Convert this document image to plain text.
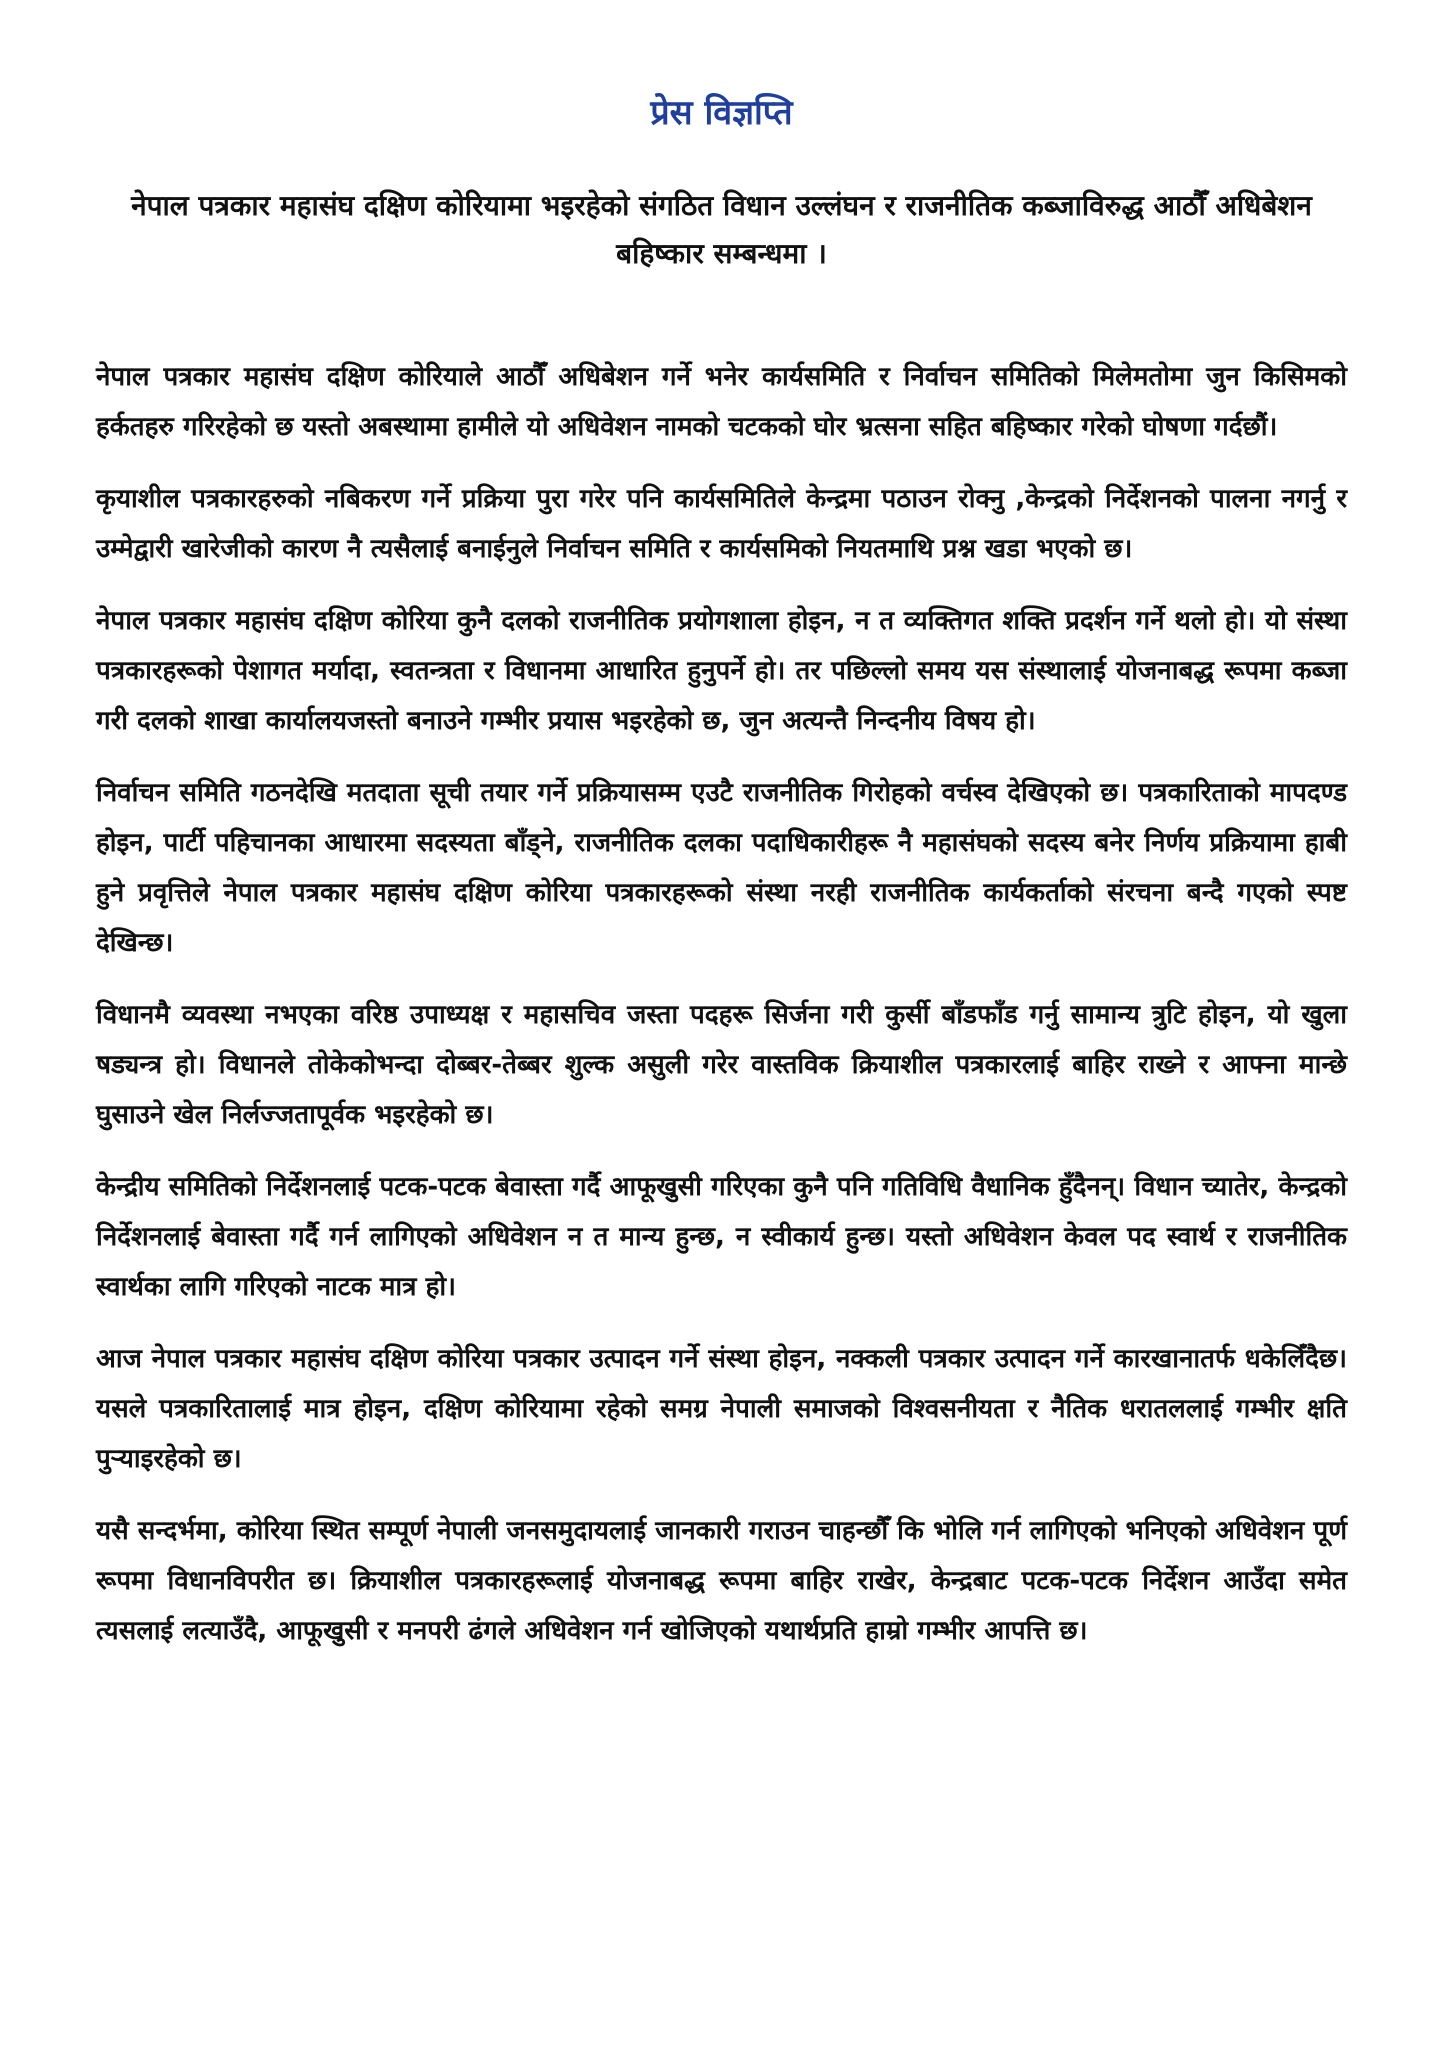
प्रेस विज्ञप्ति
नेपाल पत्रकार महासंघ दक्षिण कोरियामा भइरहेको संगठित विधान उल्लंघन र राजनीतिक कब्जाविरुद्ध आठौँ अधिबेशन बहिष्कार सम्बन्धमा ।

नेपाल पत्रकार महासंघ दक्षिण कोरियाले आठौँ अधिबेशन गर्ने भनेर कार्यसमिति र निर्वाचन समितिको मिलेमतोमा जुन किसिमको हर्कतहरु गरिरहेको छ यस्तो अबस्थामा हामीले यो अधिवेशन नामको चटकको घोर भ्रत्सना सहित बहिष्कार गरेको घोषणा गर्दछौं।

कृयाशील पत्रकारहरुको नबिकरण गर्ने प्रक्रिया पुरा गरेर पनि कार्यसमितिले केन्द्रमा पठाउन रोक्नु ,केन्द्रको निर्देशनको पालना नगर्नु र उम्मेद्वारी खारेजीको कारण नै त्यसैलाई बनाईनुले निर्वाचन समिति र कार्यसमिको नियतमाथि प्रश्न खडा भएको छ।

नेपाल पत्रकार महासंघ दक्षिण कोरिया कुनै दलको राजनीतिक प्रयोगशाला होइन, न त व्यक्तिगत शक्ति प्रदर्शन गर्ने थलो हो। यो संस्था पत्रकारहरूको पेशागत मर्यादा, स्वतन्त्रता र विधानमा आधारित हुनुपर्ने हो। तर पछिल्लो समय यस संस्थालाई योजनाबद्ध रूपमा कब्जा गरी दलको शाखा कार्यालयजस्तो बनाउने गम्भीर प्रयास भइरहेको छ, जुन अत्यन्तै निन्दनीय विषय हो।

निर्वाचन समिति गठनदेखि मतदाता सूची तयार गर्ने प्रक्रियासम्म एउटै राजनीतिक गिरोहको वर्चस्व देखिएको छ। पत्रकारिताको मापदण्ड होइन, पार्टी पहिचानका आधारमा सदस्यता बाँड्ने, राजनीतिक दलका पदाधिकारीहरू नै महासंघको सदस्य बनेर निर्णय प्रक्रियामा हाबी हुने प्रवृत्तिले नेपाल पत्रकार महासंघ दक्षिण कोरिया पत्रकारहरूको संस्था नरही राजनीतिक कार्यकर्ताको संरचना बन्दै गएको स्पष्ट देखिन्छ।

विधानमै व्यवस्था नभएका वरिष्ठ उपाध्यक्ष र महासचिव जस्ता पदहरू सिर्जना गरी कुर्सी बाँडफाँड गर्नु सामान्य त्रुटि होइन, यो खुला षड्यन्त्र हो। विधानले तोकेकोभन्दा दोब्बर-तेब्बर शुल्क असुली गरेर वास्तविक क्रियाशील पत्रकारलाई बाहिर राख्ने र आफ्ना मान्छे घुसाउने खेल निर्लज्जतापूर्वक भइरहेको छ।

केन्द्रीय समितिको निर्देशनलाई पटक-पटक बेवास्ता गर्दै आफूखुसी गरिएका कुनै पनि गतिविधि वैधानिक हुँदैनन्। विधान च्यातेर, केन्द्रको निर्देशनलाई बेवास्ता गर्दै गर्न लागिएको अधिवेशन न त मान्य हुन्छ, न स्वीकार्य हुन्छ। यस्तो अधिवेशन केवल पद स्वार्थ र राजनीतिक स्वार्थका लागि गरिएको नाटक मात्र हो।

आज नेपाल पत्रकार महासंघ दक्षिण कोरिया पत्रकार उत्पादन गर्ने संस्था होइन, नक्कली पत्रकार उत्पादन गर्ने कारखानातर्फ धकेलिँदैछ। यसले पत्रकारितालाई मात्र होइन, दक्षिण कोरियामा रहेको समग्र नेपाली समाजको विश्वसनीयता र नैतिक धरातललाई गम्भीर क्षति पुर्‍याइरहेको छ।

यसै सन्दर्भमा, कोरिया स्थित सम्पूर्ण नेपाली जनसमुदायलाई जानकारी गराउन चाहन्छौँ कि भोलि गर्न लागिएको भनिएको अधिवेशन पूर्ण रूपमा विधानविपरीत छ। क्रियाशील पत्रकारहरूलाई योजनाबद्ध रूपमा बाहिर राखेर, केन्द्रबाट पटक-पटक निर्देशन आउँदा समेत त्यसलाई लत्याउँदै, आफूखुसी र मनपरी ढंगले अधिवेशन गर्न खोजिएको यथार्थप्रति हाम्रो गम्भीर आपत्ति छ।
